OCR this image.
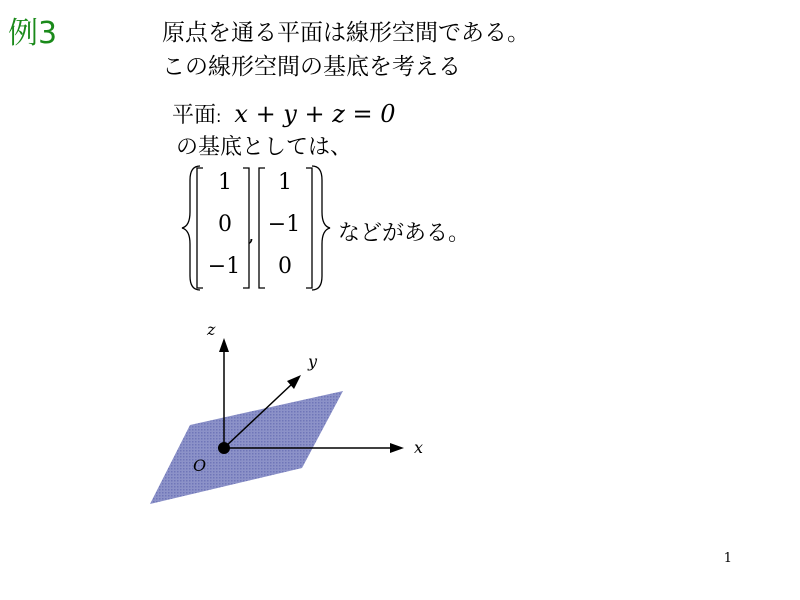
例3	原点を通る平面は線形空間である。
この線形空間の基底を考える
平面: x + y + z = 0
の基底としては、
1
0
−1
,
1
−1
0
などがある。
z
y
x
O
1
